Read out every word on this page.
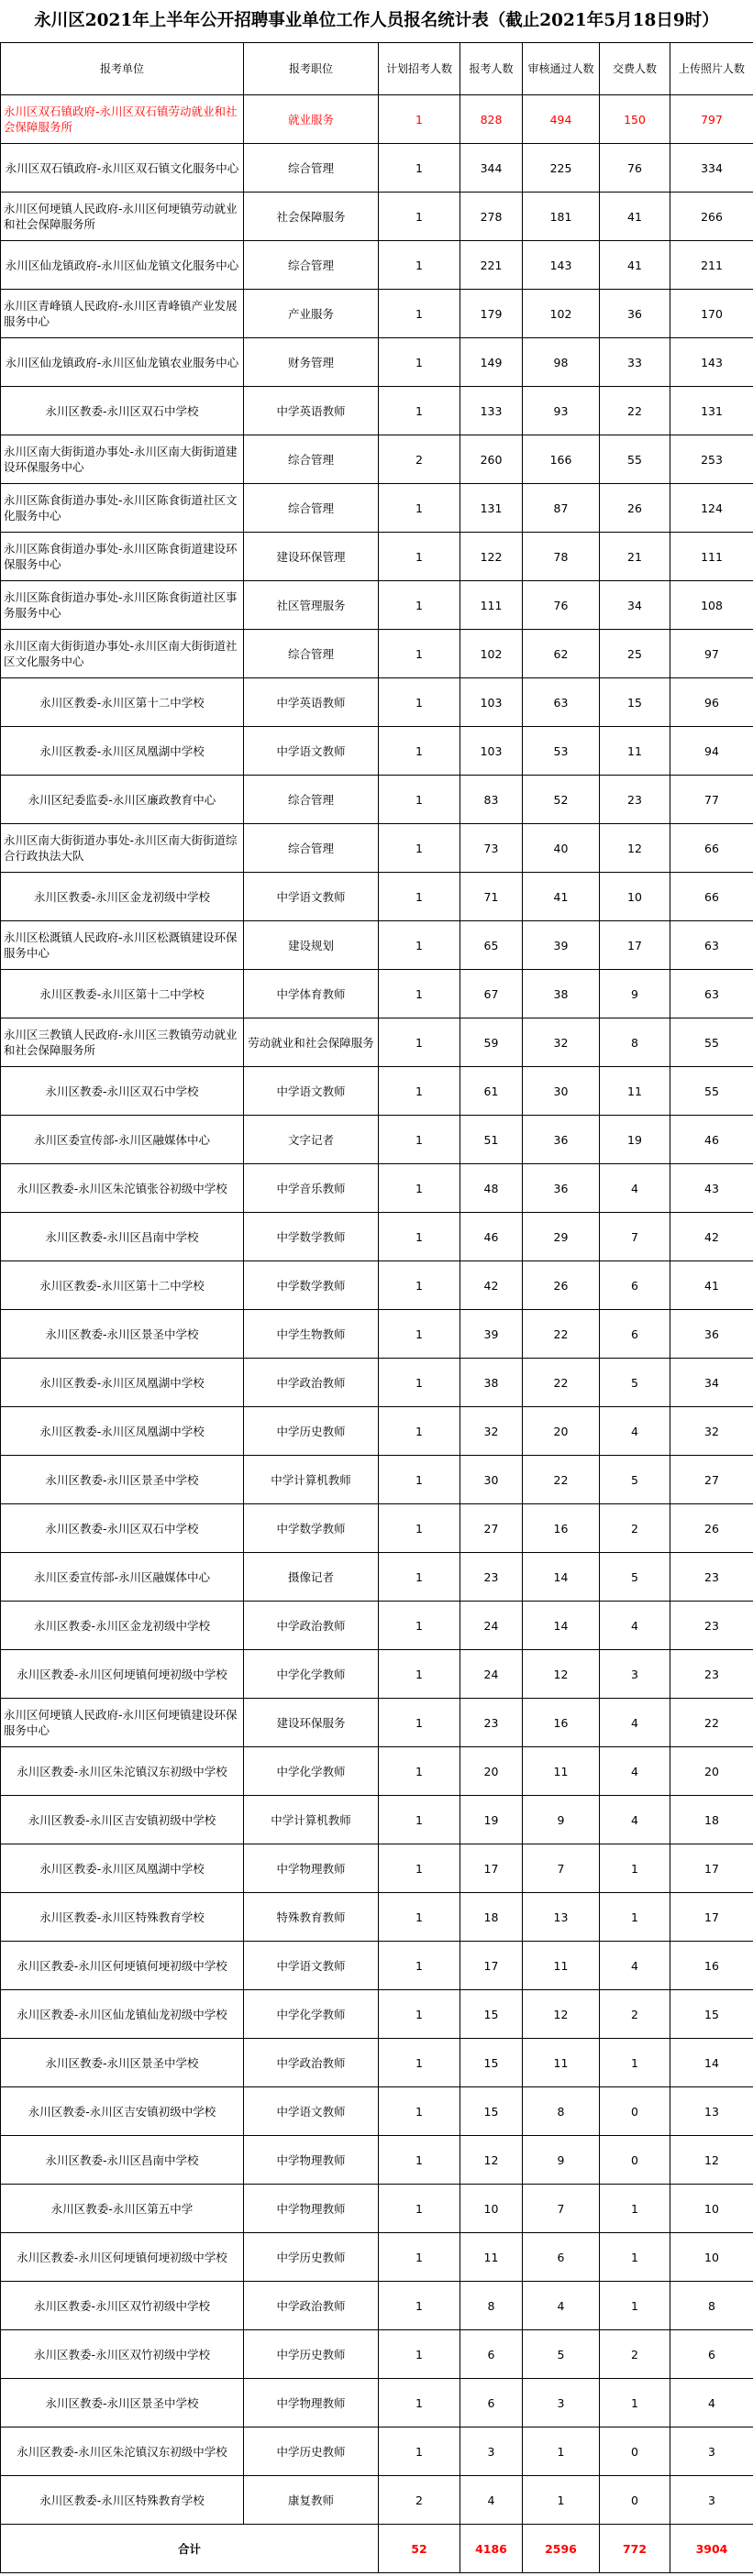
永川区2021年上半年公开招聘事业单位工作人员报名统计表（截止2021年5月18日9时）
报考单位	报考职位	计划招考人数	报考人数	审核通过人数	交费人数	上传照片人数
永川区双石镇政府-永川区双石镇劳动就业和社会保障服务所	就业服务	1	828	494	150	797
永川区双石镇政府-永川区双石镇文化服务中心	综合管理	1	344	225	76	334
永川区何埂镇人民政府-永川区何埂镇劳动就业和社会保障服务所	社会保障服务	1	278	181	41	266
永川区仙龙镇政府-永川区仙龙镇文化服务中心	综合管理	1	221	143	41	211
永川区青峰镇人民政府-永川区青峰镇产业发展服务中心	产业服务	1	179	102	36	170
永川区仙龙镇政府-永川区仙龙镇农业服务中心	财务管理	1	149	98	33	143
永川区教委-永川区双石中学校	中学英语教师	1	133	93	22	131
永川区南大街街道办事处-永川区南大街街道建设环保服务中心	综合管理	2	260	166	55	253
永川区陈食街道办事处-永川区陈食街道社区文化服务中心	综合管理	1	131	87	26	124
永川区陈食街道办事处-永川区陈食街道建设环保服务中心	建设环保管理	1	122	78	21	111
永川区陈食街道办事处-永川区陈食街道社区事务服务中心	社区管理服务	1	111	76	34	108
永川区南大街街道办事处-永川区南大街街道社区文化服务中心	综合管理	1	102	62	25	97
永川区教委-永川区第十二中学校	中学英语教师	1	103	63	15	96
永川区教委-永川区凤凰湖中学校	中学语文教师	1	103	53	11	94
永川区纪委监委-永川区廉政教育中心	综合管理	1	83	52	23	77
永川区南大街街道办事处-永川区南大街街道综合行政执法大队	综合管理	1	73	40	12	66
永川区教委-永川区金龙初级中学校	中学语文教师	1	71	41	10	66
永川区松溉镇人民政府-永川区松溉镇建设环保服务中心	建设规划	1	65	39	17	63
永川区教委-永川区第十二中学校	中学体育教师	1	67	38	9	63
永川区三教镇人民政府-永川区三教镇劳动就业和社会保障服务所	劳动就业和社会保障服务	1	59	32	8	55
永川区教委-永川区双石中学校	中学语文教师	1	61	30	11	55
永川区委宣传部-永川区融媒体中心	文字记者	1	51	36	19	46
永川区教委-永川区朱沱镇张谷初级中学校	中学音乐教师	1	48	36	4	43
永川区教委-永川区昌南中学校	中学数学教师	1	46	29	7	42
永川区教委-永川区第十二中学校	中学数学教师	1	42	26	6	41
永川区教委-永川区景圣中学校	中学生物教师	1	39	22	6	36
永川区教委-永川区凤凰湖中学校	中学政治教师	1	38	22	5	34
永川区教委-永川区凤凰湖中学校	中学历史教师	1	32	20	4	32
永川区教委-永川区景圣中学校	中学计算机教师	1	30	22	5	27
永川区教委-永川区双石中学校	中学数学教师	1	27	16	2	26
永川区委宣传部-永川区融媒体中心	摄像记者	1	23	14	5	23
永川区教委-永川区金龙初级中学校	中学政治教师	1	24	14	4	23
永川区教委-永川区何埂镇何埂初级中学校	中学化学教师	1	24	12	3	23
永川区何埂镇人民政府-永川区何埂镇建设环保服务中心	建设环保服务	1	23	16	4	22
永川区教委-永川区朱沱镇汉东初级中学校	中学化学教师	1	20	11	4	20
永川区教委-永川区吉安镇初级中学校	中学计算机教师	1	19	9	4	18
永川区教委-永川区凤凰湖中学校	中学物理教师	1	17	7	1	17
永川区教委-永川区特殊教育学校	特殊教育教师	1	18	13	1	17
永川区教委-永川区何埂镇何埂初级中学校	中学语文教师	1	17	11	4	16
永川区教委-永川区仙龙镇仙龙初级中学校	中学化学教师	1	15	12	2	15
永川区教委-永川区景圣中学校	中学政治教师	1	15	11	1	14
永川区教委-永川区吉安镇初级中学校	中学语文教师	1	15	8	0	13
永川区教委-永川区昌南中学校	中学物理教师	1	12	9	0	12
永川区教委-永川区第五中学	中学物理教师	1	10	7	1	10
永川区教委-永川区何埂镇何埂初级中学校	中学历史教师	1	11	6	1	10
永川区教委-永川区双竹初级中学校	中学政治教师	1	8	4	1	8
永川区教委-永川区双竹初级中学校	中学历史教师	1	6	5	2	6
永川区教委-永川区景圣中学校	中学物理教师	1	6	3	1	4
永川区教委-永川区朱沱镇汉东初级中学校	中学历史教师	1	3	1	0	3
永川区教委-永川区特殊教育学校	康复教师	2	4	1	0	3
合计		52	4186	2596	772	3904
